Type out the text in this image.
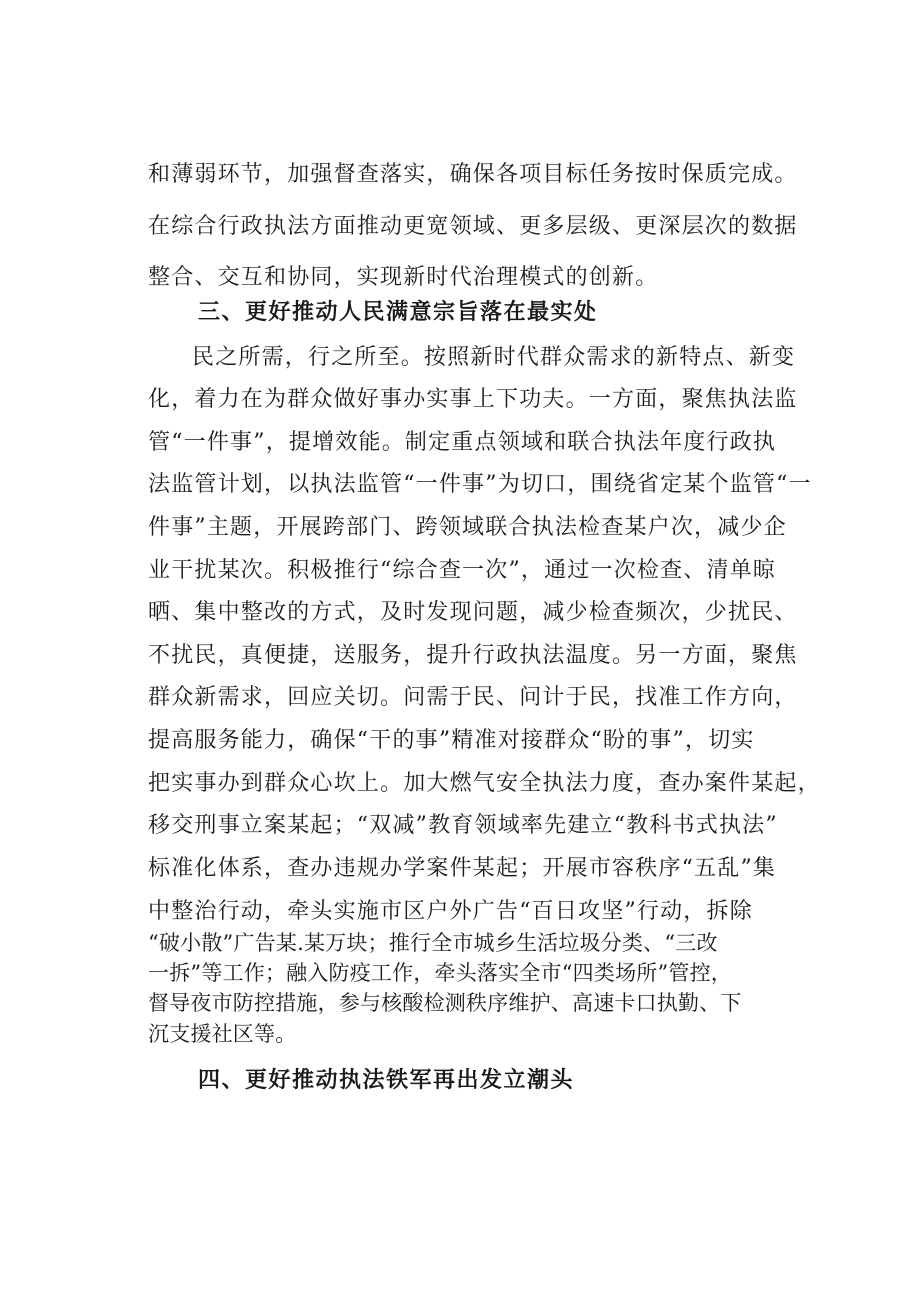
和薄弱环节，加强督查落实，确保各项目标任务按时保质完成。
在综合行政执法方面推动更宽领域、更多层级、更深层次的数据
整合、交互和协同，实现新时代治理模式的创新。
三、更好推动人民满意宗旨落在最实处
民之所需，行之所至。按照新时代群众需求的新特点、新变
化，着力在为群众做好事办实事上下功夫。一方面，聚焦执法监
管“一件事”，提增效能。制定重点领域和联合执法年度行政执
法监管计划，以执法监管“一件事”为切口，围绕省定某个监管“一
件事”主题，开展跨部门、跨领域联合执法检查某户次，减少企
业干扰某次。积极推行“综合查一次”，通过一次检查、清单晾
晒、集中整改的方式，及时发现问题，减少检查频次，少扰民、
不扰民，真便捷，送服务，提升行政执法温度。另一方面，聚焦
群众新需求，回应关切。问需于民、问计于民，找准工作方向，
提高服务能力，确保“干的事”精准对接群众“盼的事”，切实
把实事办到群众心坎上。加大燃气安全执法力度，查办案件某起，
移交刑事立案某起；“双减”教育领域率先建立“教科书式执法”
标准化体系，查办违规办学案件某起；开展市容秩序“五乱”集
中整治行动，牵头实施市区户外广告“百日攻坚”行动，拆除
“破小散”广告某.某万块；推行全市城乡生活垃圾分类、“三改
一拆”等工作；融入防疫工作，牵头落实全市“四类场所”管控，
督导夜市防控措施，参与核酸检测秩序维护、高速卡口执勤、下
沉支援社区等。
四、更好推动执法铁军再出发立潮头
